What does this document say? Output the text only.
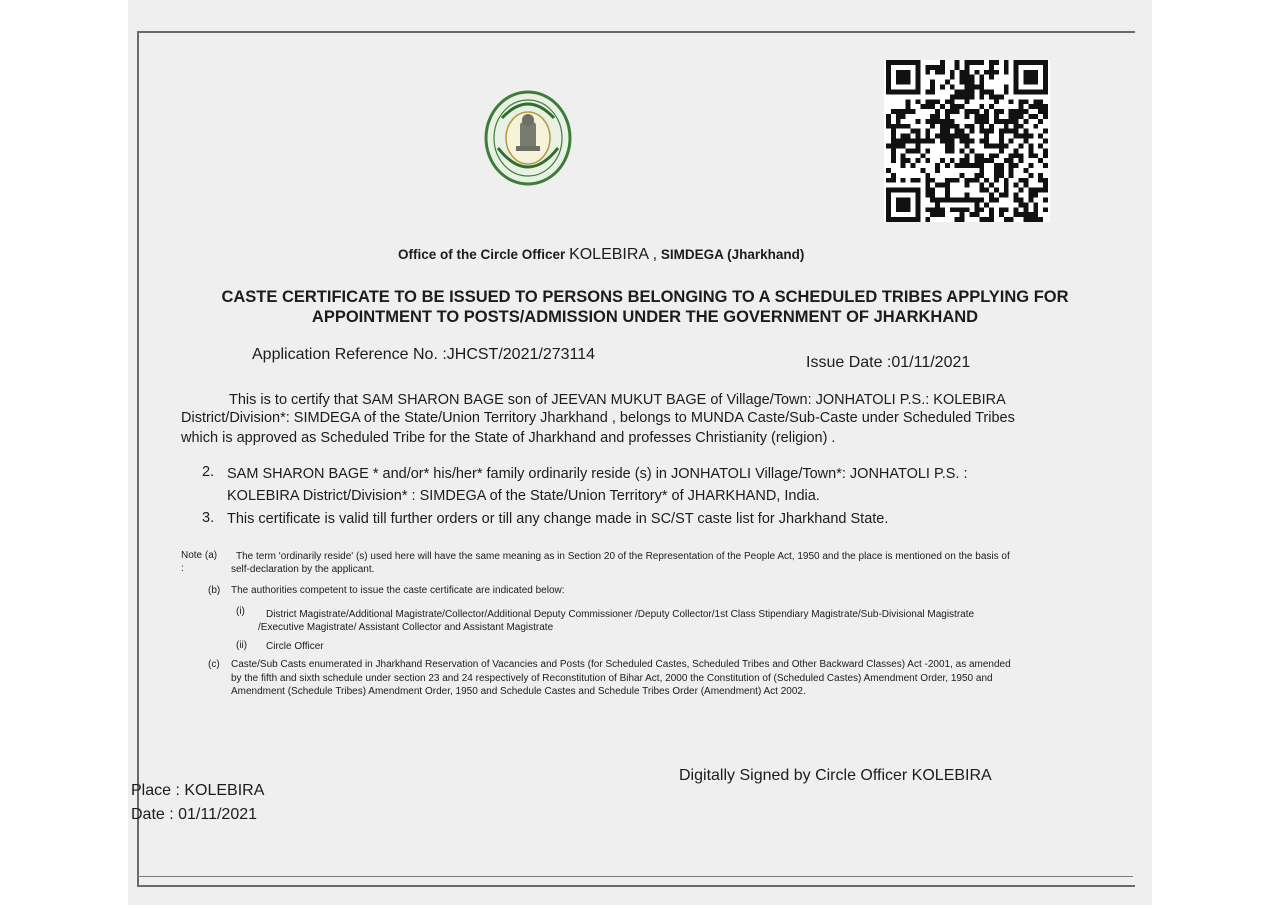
Office of the Circle Officer KOLEBIRA , SIMDEGA (Jharkhand)
CASTE CERTIFICATE TO BE ISSUED TO PERSONS BELONGING TO A SCHEDULED TRIBES APPLYING FOR
APPOINTMENT TO POSTS/ADMISSION UNDER THE GOVERNMENT OF JHARKHAND
Application Reference No. :JHCST/2021/273114	Issue Date :01/11/2021
This is to certify that SAM SHARON BAGE son of JEEVAN MUKUT BAGE of Village/Town: JONHATOLI P.S.: KOLEBIRA
District/Division*: SIMDEGA of the State/Union Territory Jharkhand , belongs to MUNDA Caste/Sub-Caste under Scheduled Tribes
which is approved as Scheduled Tribe for the State of Jharkhand and professes Christianity (religion) .
2. SAM SHARON BAGE * and/or* his/her* family ordinarily reside (s) in JONHATOLI Village/Town*: JONHATOLI P.S. :
KOLEBIRA District/Division* : SIMDEGA of the State/Union Territory* of JHARKHAND, India.
3. This certificate is valid till further orders or till any change made in SC/ST caste list for Jharkhand State.
Note (a)
:
The term 'ordinarily reside' (s) used here will have the same meaning as in Section 20 of the Representation of the People Act, 1950 and the place is mentioned on the basis of
self-declaration by the applicant.
(b) The authorities competent to issue the caste certificate are indicated below:
(i) District Magistrate/Additional Magistrate/Collector/Additional Deputy Commissioner /Deputy Collector/1st Class Stipendiary Magistrate/Sub-Divisional Magistrate
/Executive Magistrate/ Assistant Collector and Assistant Magistrate
(ii) Circle Officer
(c) Caste/Sub Casts enumerated in Jharkhand Reservation of Vacancies and Posts (for Scheduled Castes, Scheduled Tribes and Other Backward Classes) Act -2001, as amended
by the fifth and sixth schedule under section 23 and 24 respectively of Reconstitution of Bihar Act, 2000 the Constitution of (Scheduled Castes) Amendment Order, 1950 and
Amendment (Schedule Tribes) Amendment Order, 1950 and Schedule Castes and Schedule Tribes Order (Amendment) Act 2002.
Digitally Signed by Circle Officer KOLEBIRA
Place : KOLEBIRA
Date : 01/11/2021
